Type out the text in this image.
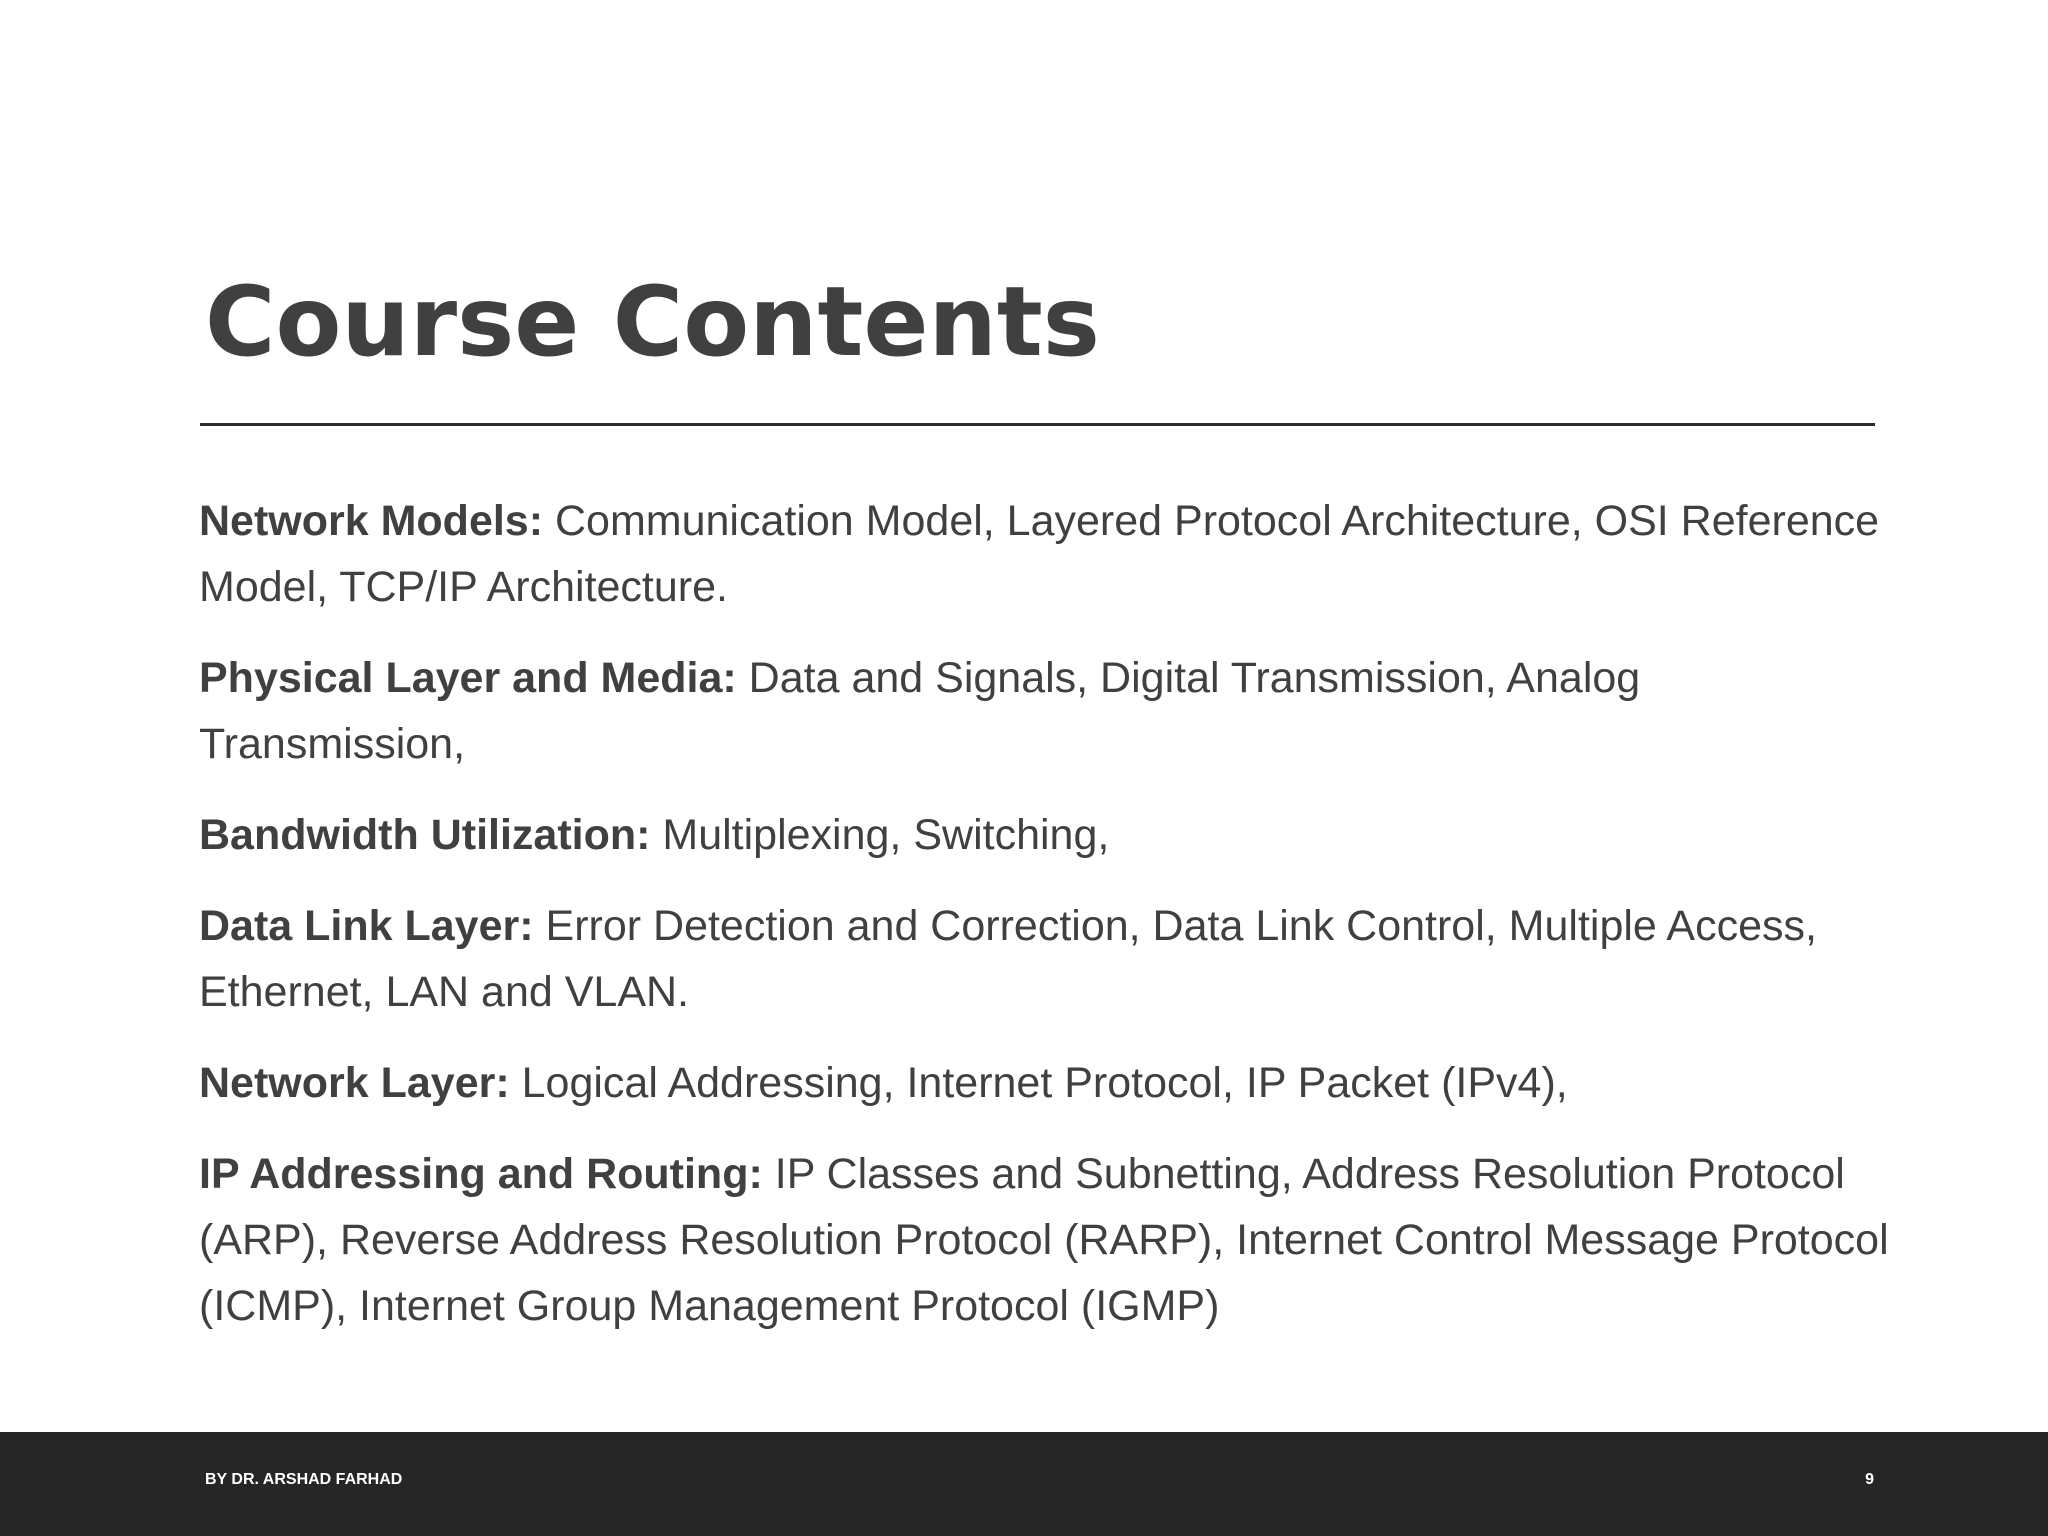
Course Contents

Network Models: Communication Model, Layered Protocol Architecture, OSI Reference Model, TCP/IP Architecture.

Physical Layer and Media: Data and Signals, Digital Transmission, Analog Transmission,

Bandwidth Utilization: Multiplexing, Switching,

Data Link Layer: Error Detection and Correction, Data Link Control, Multiple Access, Ethernet, LAN and VLAN.

Network Layer: Logical Addressing, Internet Protocol, IP Packet (IPv4),

IP Addressing and Routing: IP Classes and Subnetting, Address Resolution Protocol (ARP), Reverse Address Resolution Protocol (RARP), Internet Control Message Protocol (ICMP), Internet Group Management Protocol (IGMP)

BY DR. ARSHAD FARHAD	9
